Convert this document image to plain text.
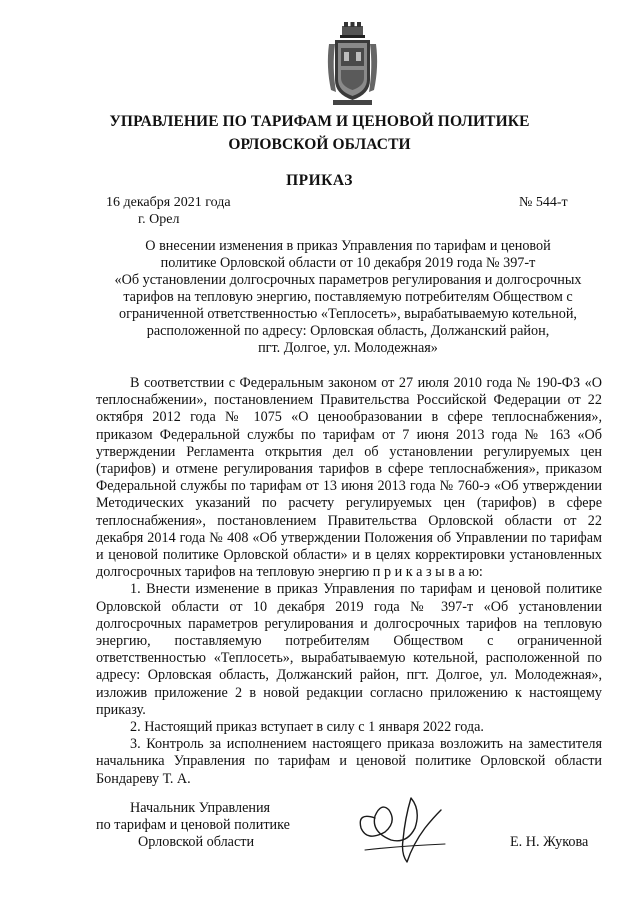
УПРАВЛЕНИЕ ПО ТАРИФАМ И ЦЕНОВОЙ ПОЛИТИКЕ
ОРЛОВСКОЙ ОБЛАСТИ
ПРИКАЗ
16 декабря 2021 года
г. Орел
№ 544-т
О внесении изменения в приказ Управления по тарифам и ценовой
политике Орловской области от 10 декабря 2019 года № 397-т
«Об установлении долгосрочных параметров регулирования и долгосрочных
тарифов на тепловую энергию, поставляемую потребителям Обществом с
ограниченной ответственностью «Теплосеть», вырабатываемую котельной,
расположенной по адресу: Орловская область, Должанский район,
пгт. Долгое, ул. Молодежная»

В соответствии с Федеральным законом от 27 июля 2010 года № 190-ФЗ «О теплоснабжении», постановлением Правительства Российской Федерации от 22 октября 2012 года № 1075 «О ценообразовании в сфере теплоснабжения», приказом Федеральной службы по тарифам от 7 июня 2013 года № 163 «Об утверждении Регламента открытия дел об установлении регулируемых цен (тарифов) и отмене регулирования тарифов в сфере теплоснабжения», приказом Федеральной службы по тарифам от 13 июня 2013 года № 760-э «Об утверждении Методических указаний по расчету регулируемых цен (тарифов) в сфере теплоснабжения», постановлением Правительства Орловской области от 22 декабря 2014 года № 408 «Об утверждении Положения об Управлении по тарифам и ценовой политике Орловской области» и в целях корректировки установленных долгосрочных тарифов на тепловую энергию п р и к а з ы в а ю:

1. Внести изменение в приказ Управления по тарифам и ценовой политике Орловской области от 10 декабря 2019 года № 397-т «Об установлении долгосрочных параметров регулирования и долгосрочных тарифов на тепловую энергию, поставляемую потребителям Обществом с ограниченной ответственностью «Теплосеть», вырабатываемую котельной, расположенной по адресу: Орловская область, Должанский район, пгт. Долгое, ул. Молодежная», изложив приложение 2 в новой редакции согласно приложению к настоящему приказу.

2. Настоящий приказ вступает в силу с 1 января 2022 года.

3. Контроль за исполнением настоящего приказа возложить на заместителя начальника Управления по тарифам и ценовой политике Орловской области Бондареву Т. А.

Начальник Управления
по тарифам и ценовой политике
Орловской области	Е. Н. Жукова
